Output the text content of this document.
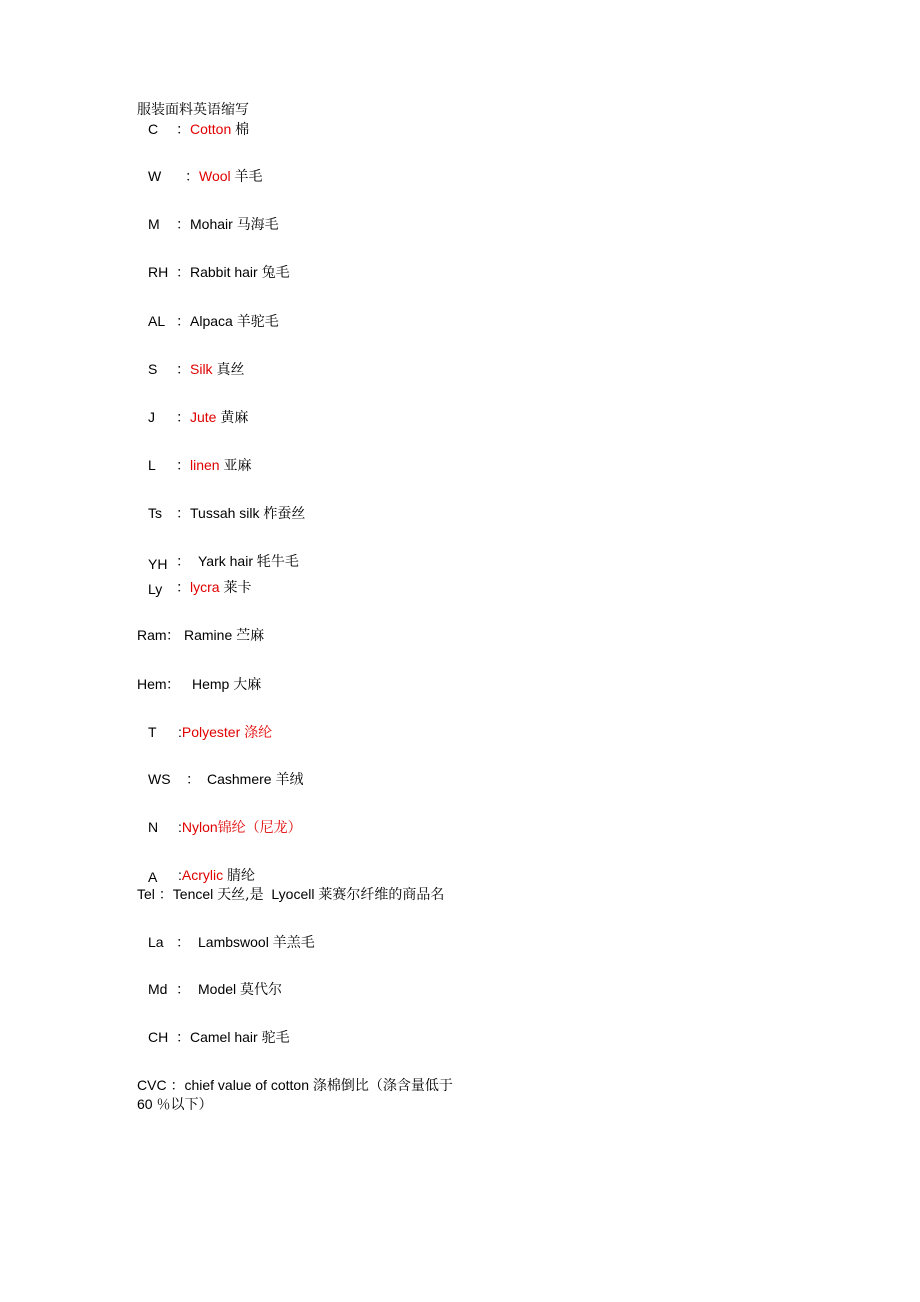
服装面料英语缩写
C ：Cotton 棉
W ：Wool 羊毛
M ：Mohair 马海毛
RH ：Rabbit hair 兔毛
AL ：Alpaca 羊驼毛
S ：Silk 真丝
J ：Jute 黄麻
L ：linen 亚麻
Ts ：Tussah silk 柞蚕丝
YH ： Yark hair 牦牛毛
Ly ：lycra 莱卡
Ram： Ramine 苎麻
Hem： Hemp 大麻
T :Polyester 涤纶
WS ： Cashmere 羊绒
N :Nylon锦纶（尼龙）
A :Acrylic 腈纶
Tel ：Tencel 天丝,是 Lyocell 莱赛尔纤维的商品名
La ： Lambswool 羊羔毛
Md ： Model 莫代尔
CH ：Camel hair 驼毛
CVC ：chief value of cotton 涤棉倒比（涤含量低于
60 ％以下）
